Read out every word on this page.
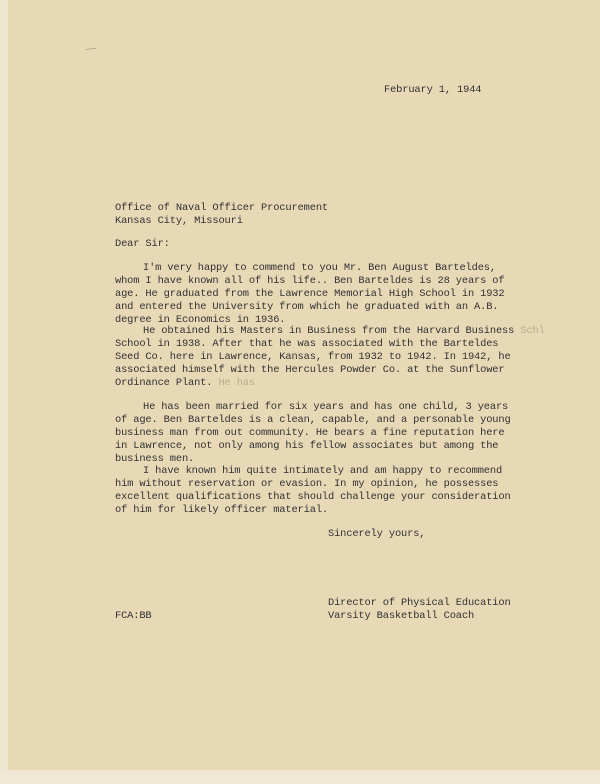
February 1, 1944
Office of Naval Officer Procurement
Kansas City, Missouri
Dear Sir:
I'm very happy to commend to you Mr. Ben August Barteldes,
whom I have known all of his life.. Ben Barteldes is 28 years of
age. He graduated from the Lawrence Memorial High School in 1932
and entered the University from which he graduated with an A.B.
degree in Economics in 1936.
He obtained his Masters in Business from the Harvard Business Schl
School in 1938. After that he was associated with the Barteldes
Seed Co. here in Lawrence, Kansas, from 1932 to 1942. In 1942, he
associated himself with the Hercules Powder Co. at the Sunflower
Ordinance Plant. He has
He has been married for six years and has one child, 3 years
of age. Ben Barteldes is a clean, capable, and a personable young
business man from out community. He bears a fine reputation here
in Lawrence, not only among his fellow associates but among the
business men.
I have known him quite intimately and am happy to recommend
him without reservation or evasion. In my opinion, he possesses
excellent qualifications that should challenge your consideration
of him for likely officer material.
Sincerely yours,
Director of Physical Education
Varsity Basketball Coach
FCA:BB
